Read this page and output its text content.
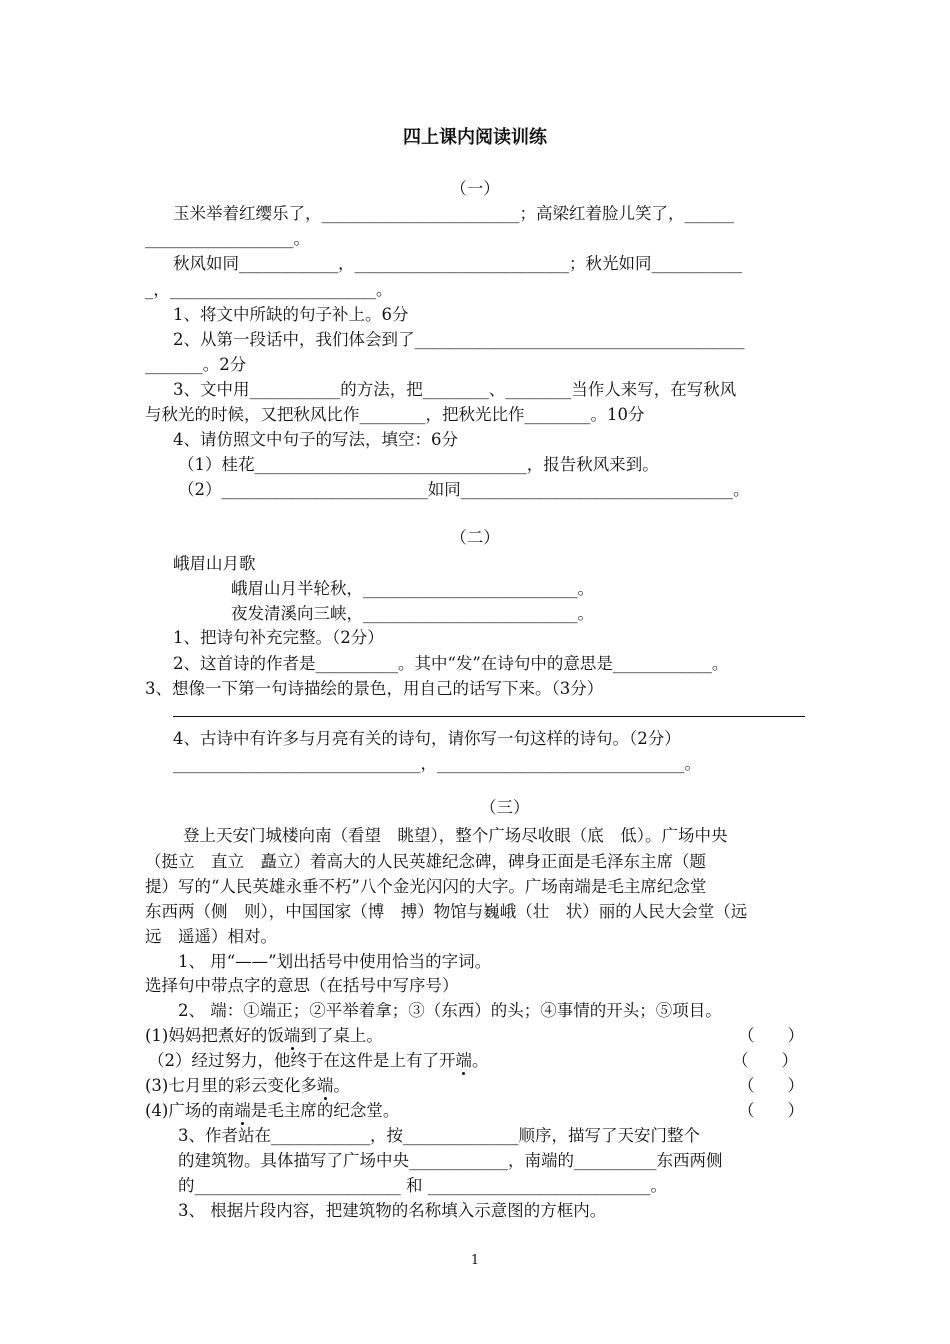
四上课内阅读训练
（一）
玉米举着红缨乐了，________________________；高梁红着脸儿笑了，______
__________________。
秋风如同____________，__________________________；秋光如同___________
_，_________________________。
1、将文中所缺的句子补上。6分
2、从第一段话中，我们体会到了________________________________________
_______。2分
3、文中用___________的方法，把________、________当作人来写，在写秋风
与秋光的时候，又把秋风比作________，把秋光比作________。10分
4、请仿照文中句子的写法，填空：6分
（1）桂花_________________________________，报告秋风来到。
（2）_________________________如同_________________________________。
（二）
峨眉山月歌
峨眉山月半轮秋，__________________________。
夜发清溪向三峡，__________________________。
1、把诗句补充完整。（2分）
2、这首诗的作者是__________。其中“发”在诗句中的意思是____________。
3、想像一下第一句诗描绘的景色，用自己的话写下来。（3分）
4、古诗中有许多与月亮有关的诗句，请你写一句这样的诗句。（2分）
______________________________，______________________________。
（三）
登上天安门城楼向南（看望　眺望），整个广场尽收眼（底　低）。广场中央
（挺立　直立　矗立）着高大的人民英雄纪念碑，碑身正面是毛泽东主席（题
提）写的“人民英雄永垂不朽”八个金光闪闪的大字。广场南端是毛主席纪念堂
东西两（侧　则），中国国家（博　搏）物馆与巍峨（壮　状）丽的人民大会堂（远
远　遥遥）相对。
1、 用“——”划出括号中使用恰当的字词。
选择句中带点字的意思（在括号中写序号）
2、 端：①端正；②平举着拿；③（东西）的头；④事情的开头；⑤项目。
(1)妈妈把煮好的饭端到了桌上。	（　　）
（2）经过努力，他终于在这件是上有了开端。	（　　）
(3)七月里的彩云变化多端。	（　　）
(4)广场的南端是毛主席的纪念堂。	（　　）
3、作者站在____________，按______________顺序，描写了天安门整个
的建筑物。具体描写了广场中央____________，南端的__________东西两侧
的_________________________ 和 ___________________________。
3、 根据片段内容，把建筑物的名称填入示意图的方框内。
1
